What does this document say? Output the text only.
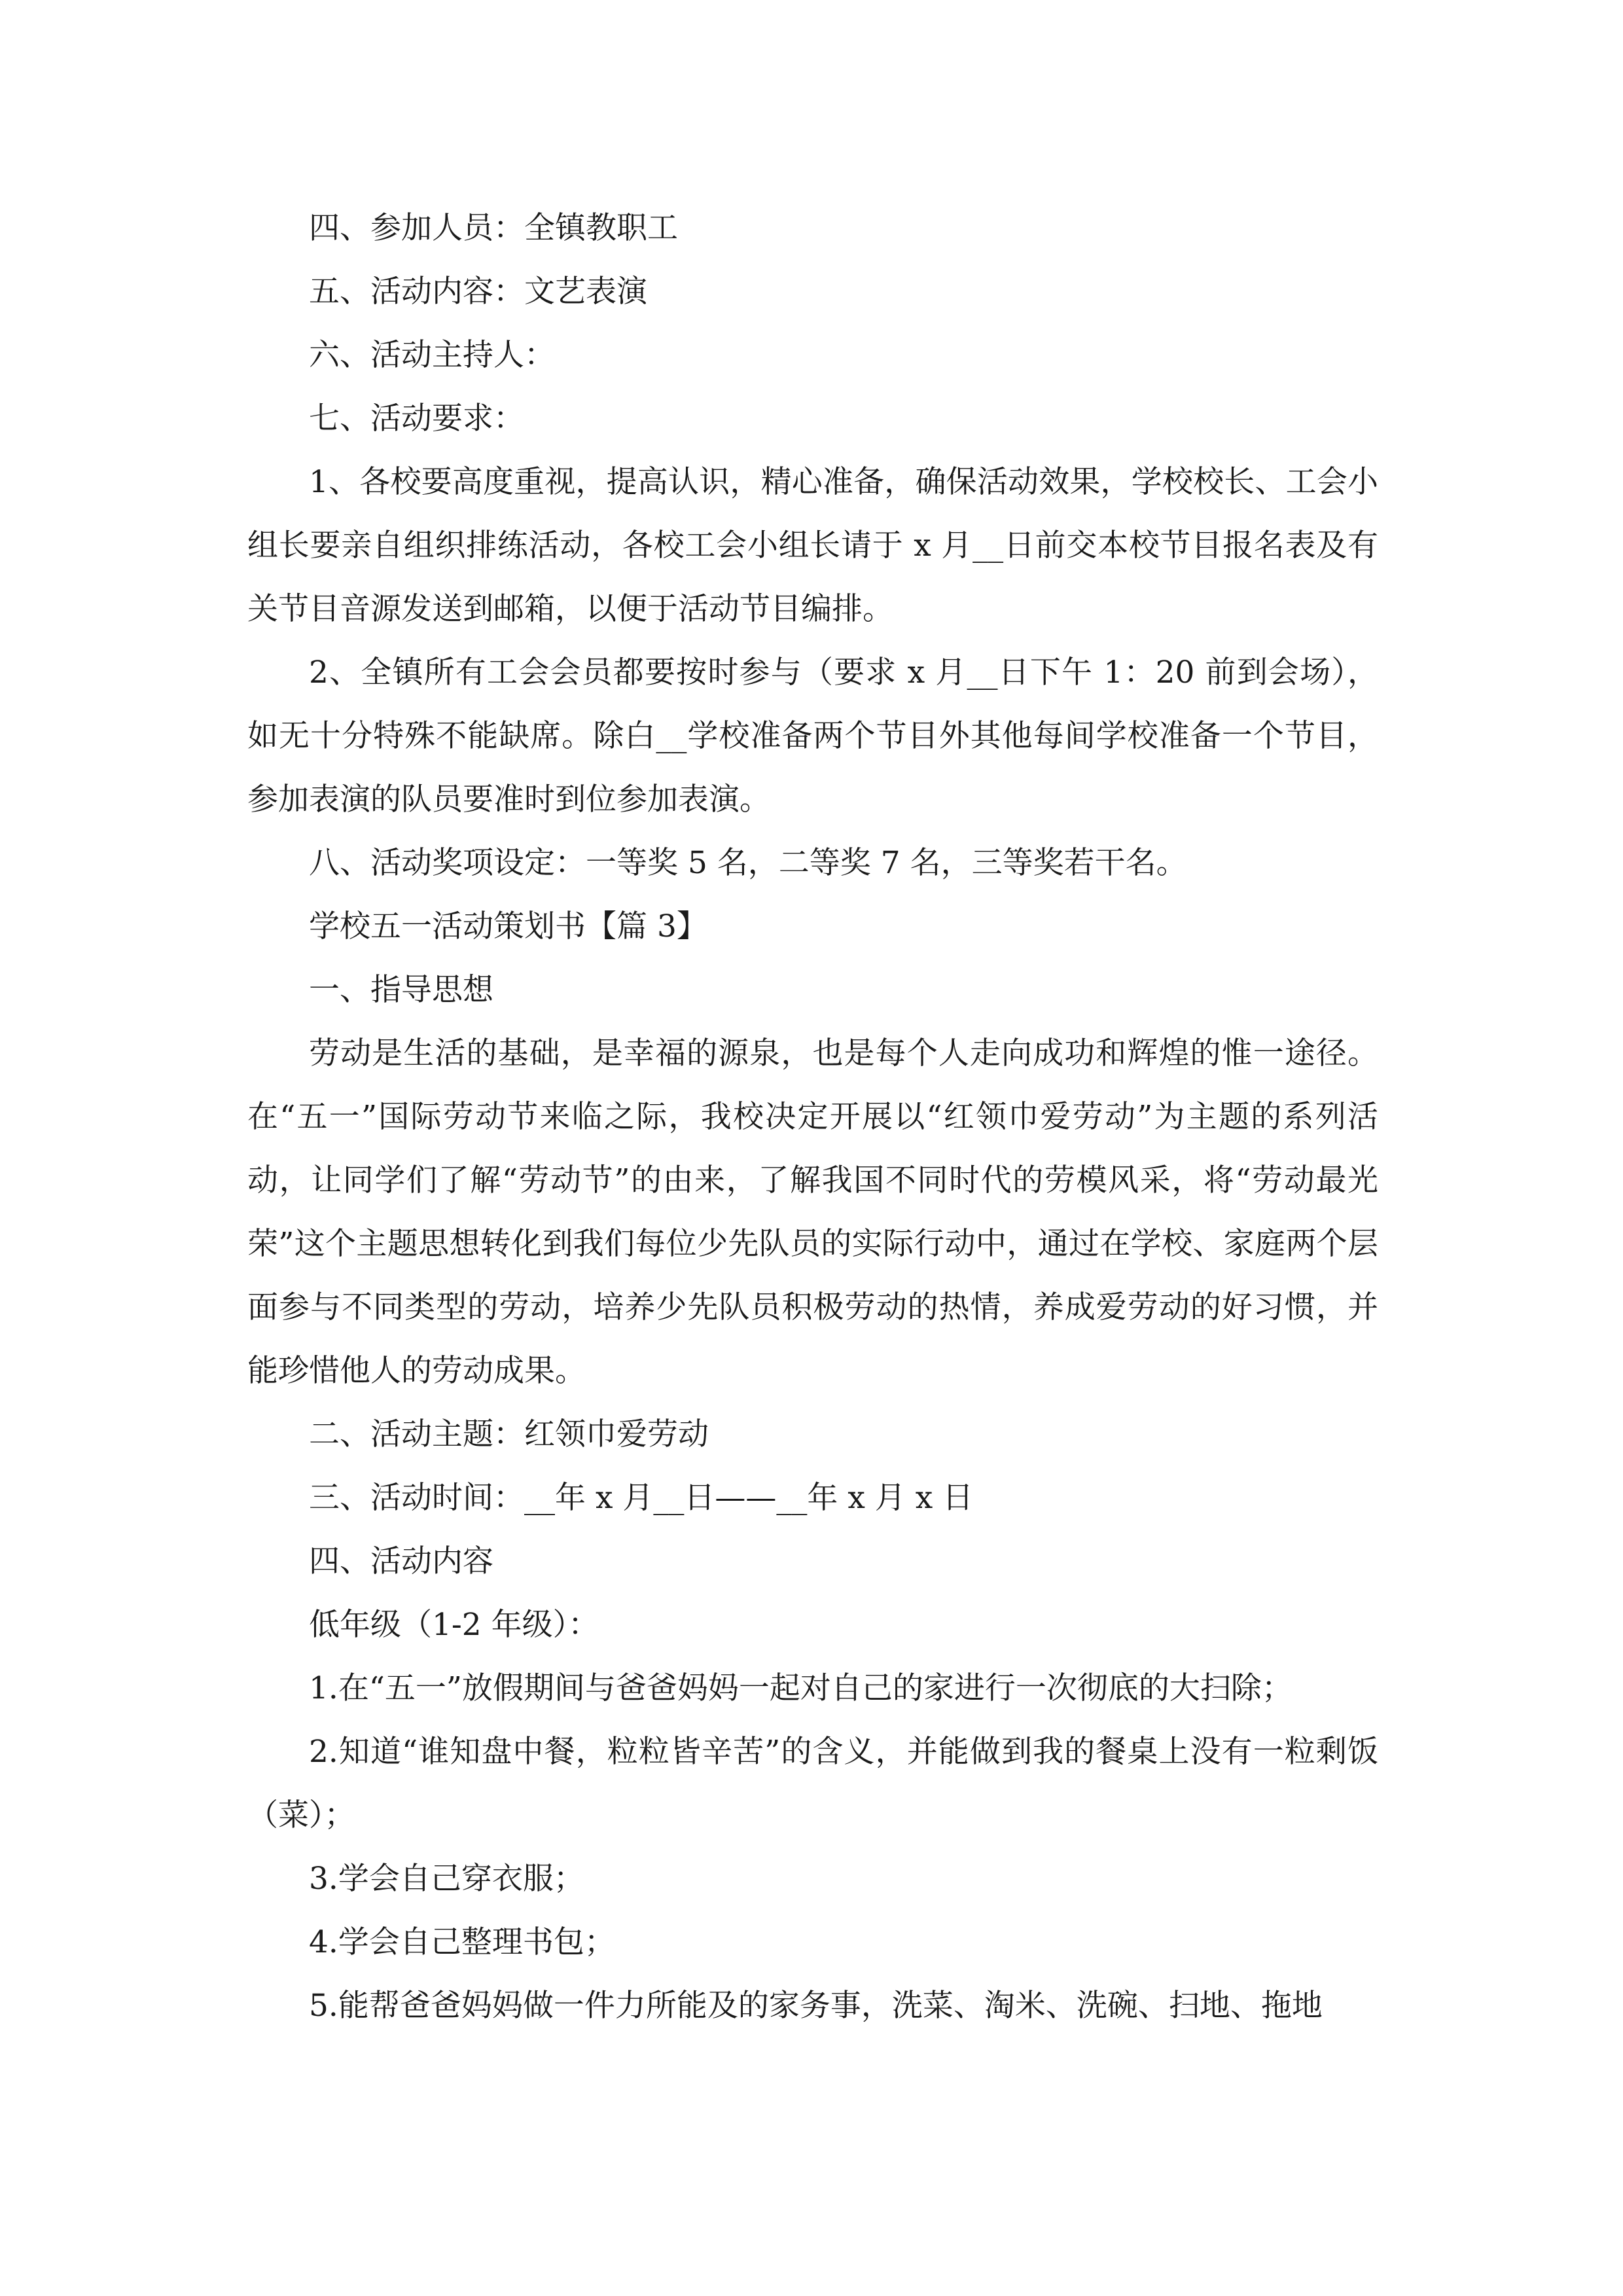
四、参加人员：全镇教职工

五、活动内容：文艺表演

六、活动主持人：

七、活动要求：

1、各校要高度重视，提高认识，精心准备，确保活动效果，学校校长、工会小组长要亲自组织排练活动，各校工会小组长请于 x 月__日前交本校节目报名表及有关节目音源发送到邮箱，以便于活动节目编排。

2、全镇所有工会会员都要按时参与（要求 x 月__日下午 1：20 前到会场），如无十分特殊不能缺席。除白__学校准备两个节目外其他每间学校准备一个节目，参加表演的队员要准时到位参加表演。

八、活动奖项设定：一等奖 5 名，二等奖 7 名，三等奖若干名。

学校五一活动策划书【篇 3】

一、指导思想

劳动是生活的基础，是幸福的源泉，也是每个人走向成功和辉煌的惟一途径。在“五一”国际劳动节来临之际，我校决定开展以“红领巾爱劳动”为主题的系列活动，让同学们了解“劳动节”的由来，了解我国不同时代的劳模风采，将“劳动最光荣”这个主题思想转化到我们每位少先队员的实际行动中，通过在学校、家庭两个层面参与不同类型的劳动，培养少先队员积极劳动的热情，养成爱劳动的好习惯，并能珍惜他人的劳动成果。

二、活动主题：红领巾爱劳动

三、活动时间：__年 x 月__日——__年 x 月 x 日

四、活动内容

低年级（1-2 年级）：

1.在“五一”放假期间与爸爸妈妈一起对自己的家进行一次彻底的大扫除；

2.知道“谁知盘中餐，粒粒皆辛苦”的含义，并能做到我的餐桌上没有一粒剩饭（菜）；

3.学会自己穿衣服；

4.学会自己整理书包；

5.能帮爸爸妈妈做一件力所能及的家务事，洗菜、淘米、洗碗、扫地、拖地
